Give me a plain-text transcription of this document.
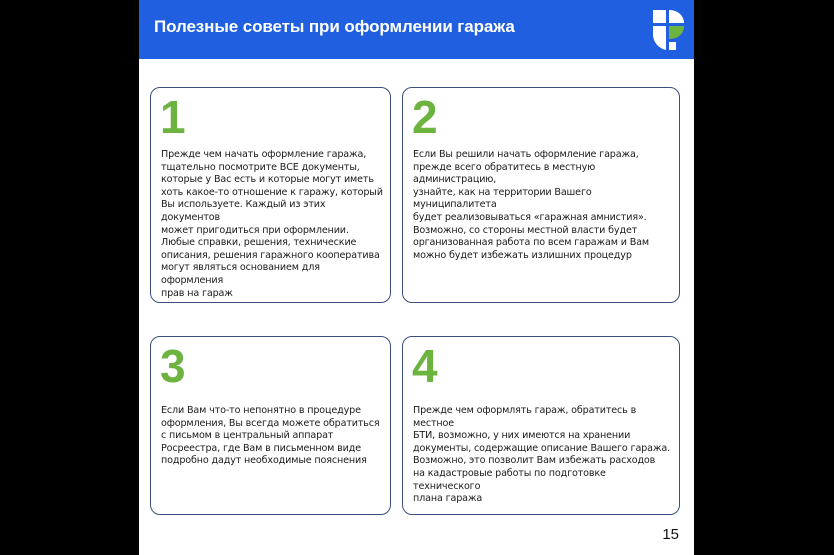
Полезные советы при оформлении гаража
1
Прежде чем начать оформление гаража,
тщательно посмотрите ВСЕ документы,
которые у Вас есть и которые могут иметь
хоть какое-то отношение к гаражу, который
Вы используете. Каждый из этих документов
может пригодиться при оформлении.
Любые справки, решения, технические
описания, решения гаражного кооператива
могут являться основанием для оформления
прав на гараж
2
Если Вы решили начать оформление гаража,
прежде всего обратитесь в местную администрацию,
узнайте, как на территории Вашего муниципалитета
будет реализовываться «гаражная амнистия».
Возможно, со стороны местной власти будет
организованная работа по всем гаражам и Вам
можно будет избежать излишних процедур
3
Если Вам что-то непонятно в процедуре
оформления, Вы всегда можете обратиться
с письмом в центральный аппарат
Росреестра, где Вам в письменном виде
подробно дадут необходимые пояснения
4
Прежде чем оформлять гараж, обратитесь в местное
БТИ, возможно, у них имеются на хранении
документы, содержащие описание Вашего гаража.
Возможно, это позволит Вам избежать расходов
на кадастровые работы по подготовке технического
плана гаража
15
